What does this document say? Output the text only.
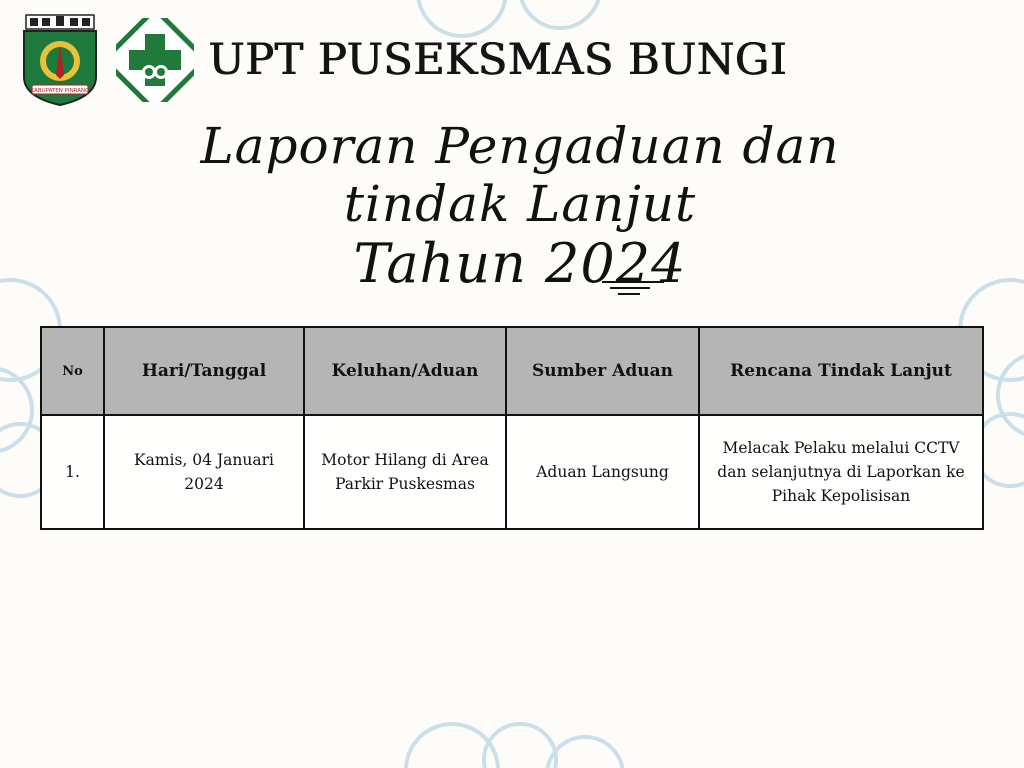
KABUPATEN PINRANG
UPT PUSEKSMAS BUNGI
Laporan Pengaduan dan tindak Lanjut
Tahun 2024
No	Hari/Tanggal	Keluhan/Aduan	Sumber Aduan	Rencana Tindak Lanjut
1.	Kamis, 04 Januari 2024	Motor Hilang di Area Parkir Puskesmas	Aduan Langsung	Melacak Pelaku melalui CCTV dan selanjutnya di Laporkan ke Pihak Kepolisisan
